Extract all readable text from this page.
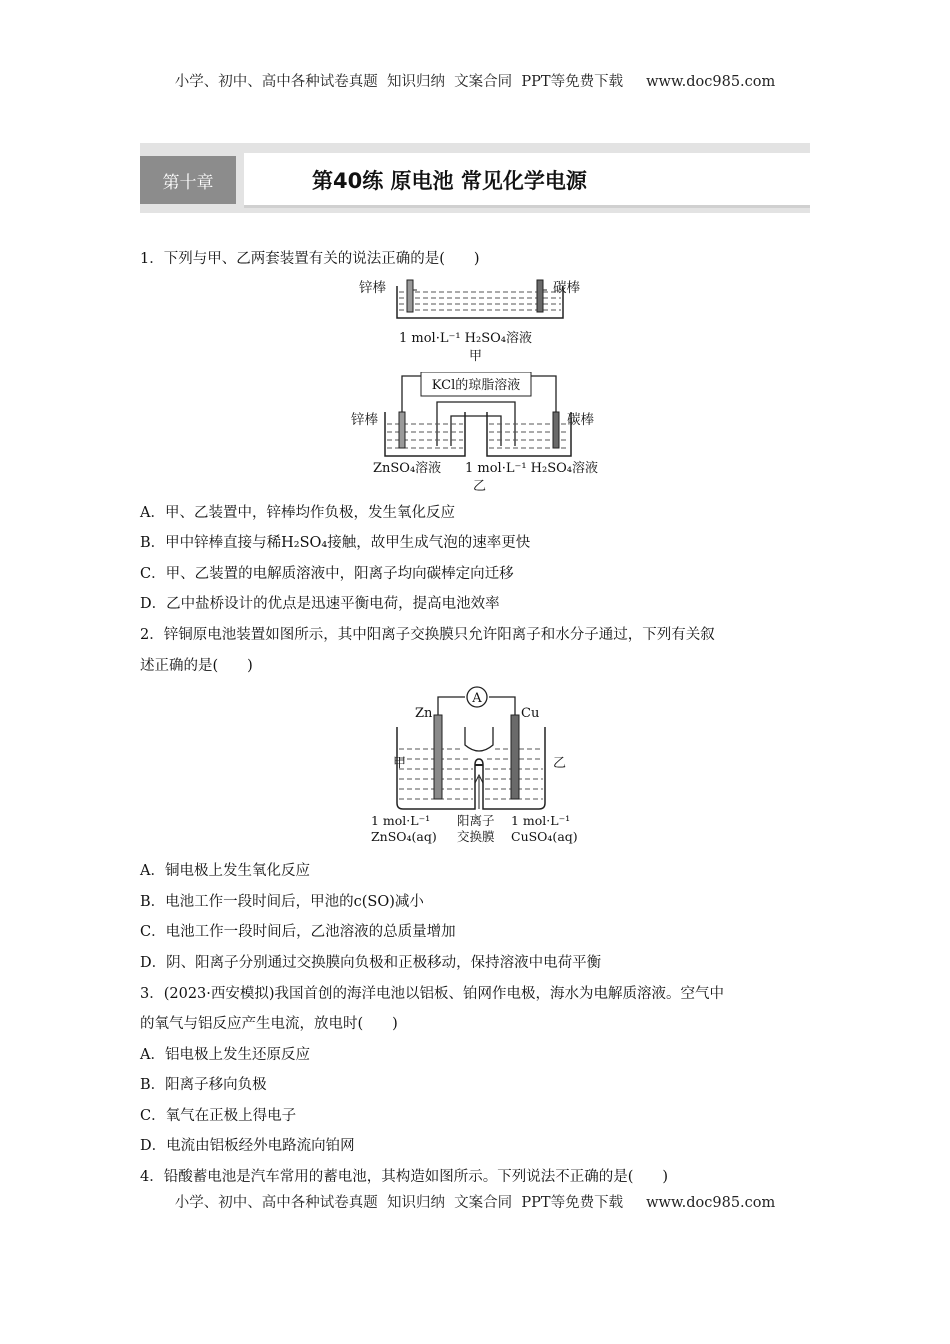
小学、初中、高中各种试卷真题  知识归纳  文案合同  PPT等免费下载     www.doc985.com
第十章	第40练 原电池 常见化学电源
1．下列与甲、乙两套装置有关的说法正确的是(　　)
锌棒	碳棒
1 mol·L⁻¹ H₂SO₄溶液
甲
KCl的琼脂溶液
锌棒	碳棒
ZnSO₄溶液 1 mol·L⁻¹ H₂SO₄溶液
乙
A．甲、乙装置中，锌棒均作负极，发生氧化反应
B．甲中锌棒直接与稀H₂SO₄接触，故甲生成气泡的速率更快
C．甲、乙装置的电解质溶液中，阳离子均向碳棒定向迁移
D．乙中盐桥设计的优点是迅速平衡电荷，提高电池效率
2．锌铜原电池装置如图所示，其中阳离子交换膜只允许阳离子和水分子通过，下列有关叙
述正确的是(　　)
A
Zn	Cu
甲	乙
1 mol·L⁻¹
ZnSO₄(aq)
阳离子
交换膜
1 mol·L⁻¹
CuSO₄(aq)
A．铜电极上发生氧化反应
B．电池工作一段时间后，甲池的c(SO)减小
C．电池工作一段时间后，乙池溶液的总质量增加
D．阴、阳离子分别通过交换膜向负极和正极移动，保持溶液中电荷平衡
3．(2023·西安模拟)我国首创的海洋电池以铝板、铂网作电极，海水为电解质溶液。空气中
的氧气与铝反应产生电流，放电时(　　)
A．铝电极上发生还原反应
B．阳离子移向负极
C．氧气在正极上得电子
D．电流由铝板经外电路流向铂网
4．铅酸蓄电池是汽车常用的蓄电池，其构造如图所示。下列说法不正确的是(　　)
小学、初中、高中各种试卷真题  知识归纳  文案合同  PPT等免费下载     www.doc985.com
